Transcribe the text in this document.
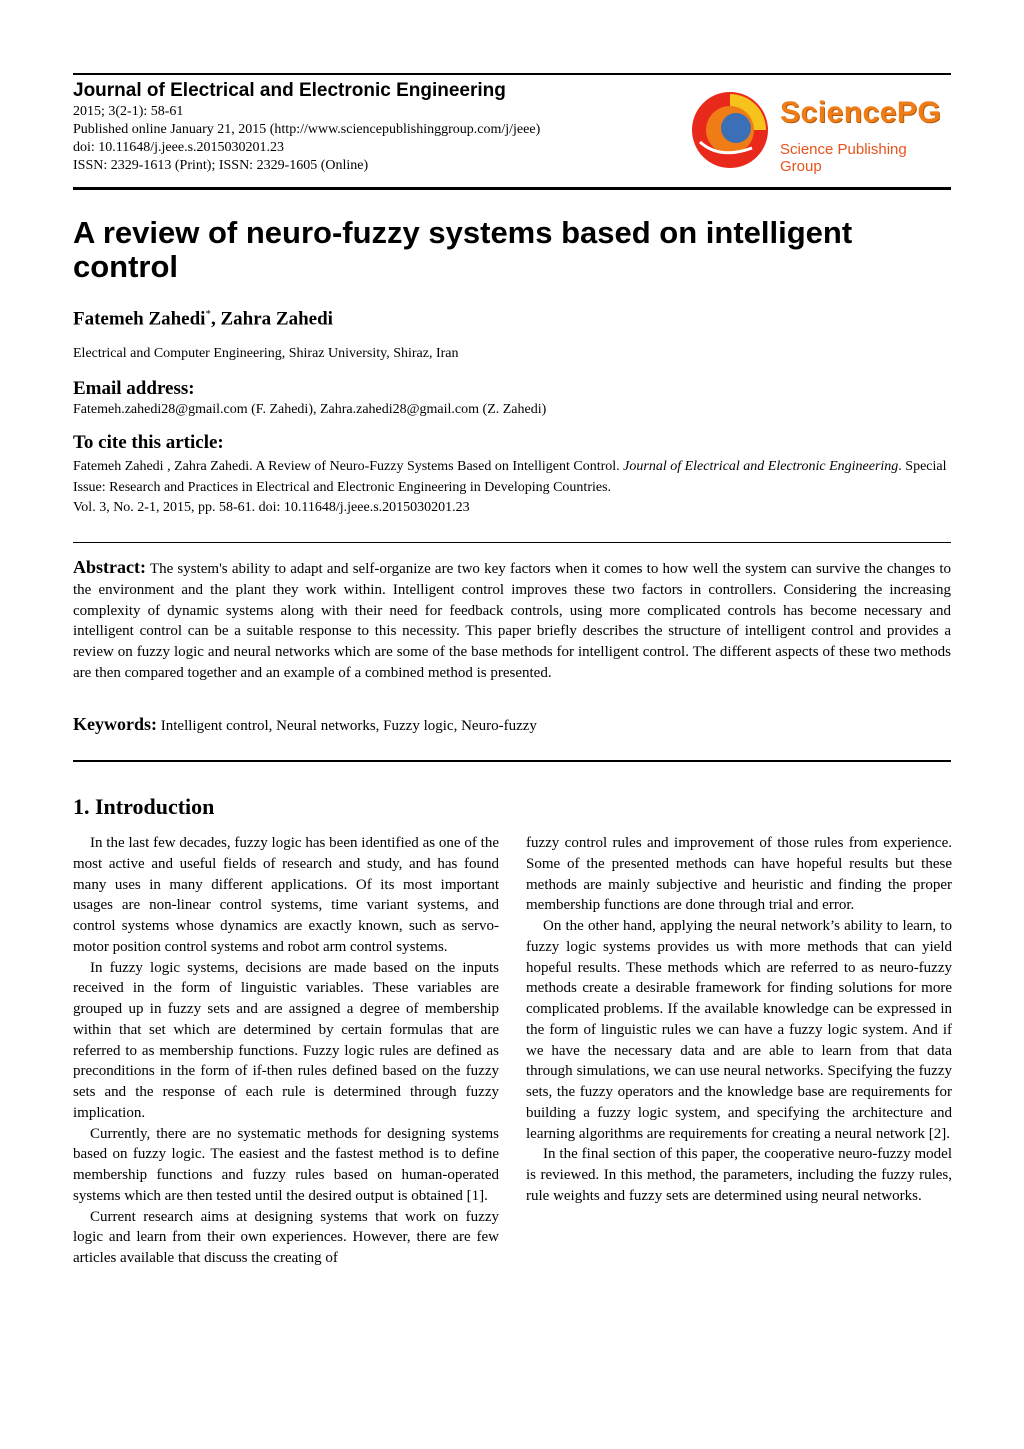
Journal of Electrical and Electronic Engineering
2015; 3(2-1): 58-61
Published online January 21, 2015 (http://www.sciencepublishinggroup.com/j/jeee)
doi: 10.11648/j.jeee.s.2015030201.23
ISSN: 2329-1613 (Print); ISSN: 2329-1605 (Online)
SciencePG
Science Publishing Group
A review of neuro-fuzzy systems based on intelligent control
Fatemeh Zahedi*, Zahra Zahedi
Electrical and Computer Engineering, Shiraz University, Shiraz, Iran
Email address:
Fatemeh.zahedi28@gmail.com (F. Zahedi), Zahra.zahedi28@gmail.com (Z. Zahedi)
To cite this article:
Fatemeh Zahedi , Zahra Zahedi. A Review of Neuro-Fuzzy Systems Based on Intelligent Control. Journal of Electrical and Electronic Engineering. Special Issue: Research and Practices in Electrical and Electronic Engineering in Developing Countries.
Vol. 3, No. 2-1, 2015, pp. 58-61. doi: 10.11648/j.jeee.s.2015030201.23

Abstract: The system's ability to adapt and self-organize are two key factors when it comes to how well the system can survive the changes to the environment and the plant they work within. Intelligent control improves these two factors in controllers. Considering the increasing complexity of dynamic systems along with their need for feedback controls, using more complicated controls has become necessary and intelligent control can be a suitable response to this necessity. This paper briefly describes the structure of intelligent control and provides a review on fuzzy logic and neural networks which are some of the base methods for intelligent control. The different aspects of these two methods are then compared together and an example of a combined method is presented.

Keywords: Intelligent control, Neural networks, Fuzzy logic, Neuro-fuzzy
1. Introduction

In the last few decades, fuzzy logic has been identified as one of the most active and useful fields of research and study, and has found many uses in many different applications. Of its most important usages are non-linear control systems, time variant systems, and control systems whose dynamics are exactly known, such as servo-motor position control systems and robot arm control systems.

In fuzzy logic systems, decisions are made based on the inputs received in the form of linguistic variables. These variables are grouped up in fuzzy sets and are assigned a degree of membership within that set which are determined by certain formulas that are referred to as membership functions. Fuzzy logic rules are defined as preconditions in the form of if-then rules defined based on the fuzzy sets and the response of each rule is determined through fuzzy implication.

Currently, there are no systematic methods for designing systems based on fuzzy logic. The easiest and the fastest method is to define membership functions and fuzzy rules based on human-operated systems which are then tested until the desired output is obtained [1].

Current research aims at designing systems that work on fuzzy logic and learn from their own experiences. However, there are few articles available that discuss the creating of

fuzzy control rules and improvement of those rules from experience. Some of the presented methods can have hopeful results but these methods are mainly subjective and heuristic and finding the proper membership functions are done through trial and error.

On the other hand, applying the neural network’s ability to learn, to fuzzy logic systems provides us with more methods that can yield hopeful results. These methods which are referred to as neuro-fuzzy methods create a desirable framework for finding solutions for more complicated problems. If the available knowledge can be expressed in the form of linguistic rules we can have a fuzzy logic system. And if we have the necessary data and are able to learn from that data through simulations, we can use neural networks. Specifying the fuzzy sets, the fuzzy operators and the knowledge base are requirements for building a fuzzy logic system, and specifying the architecture and learning algorithms are requirements for creating a neural network [2].

In the final section of this paper, the cooperative neuro-fuzzy model is reviewed. In this method, the parameters, including the fuzzy rules, rule weights and fuzzy sets are determined using neural networks.
